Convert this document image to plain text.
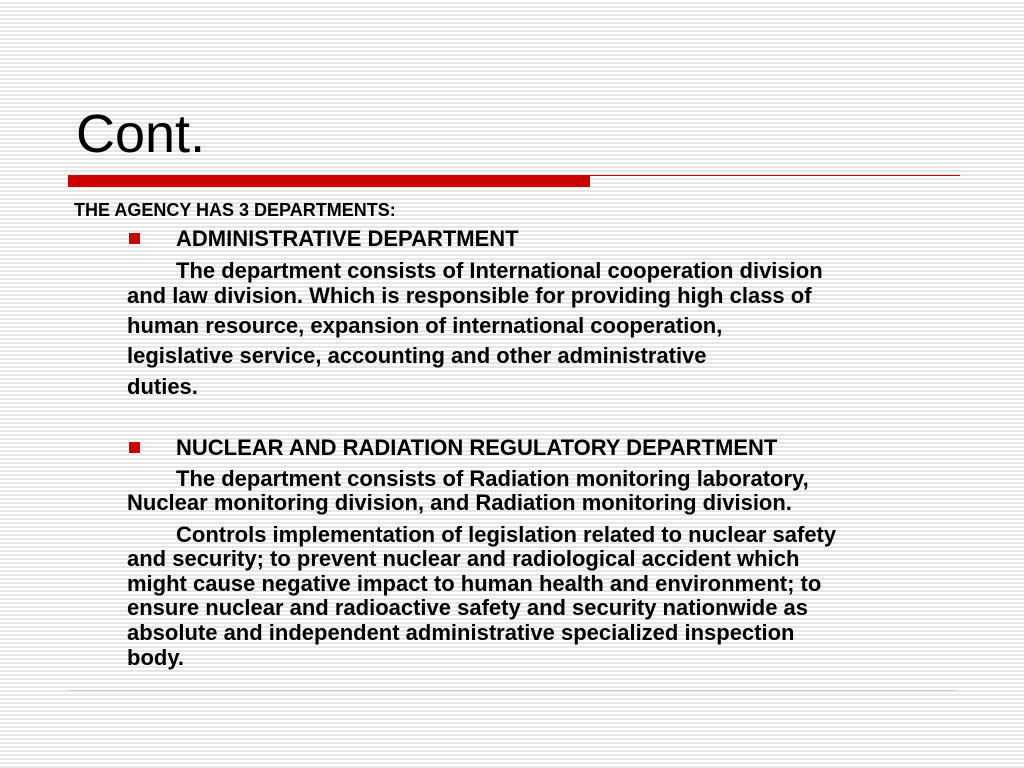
Cont.
THE AGENCY HAS 3 DEPARTMENTS:
ADMINISTRATIVE DEPARTMENT
The department consists of International cooperation division
and law division. Which is responsible for providing high class of
human resource, expansion of international cooperation,
legislative service, accounting and other administrative
duties.
NUCLEAR AND RADIATION REGULATORY DEPARTMENT
The department consists of Radiation monitoring laboratory,
Nuclear monitoring division, and Radiation monitoring division.
Controls implementation of legislation related to nuclear safety
and security; to prevent nuclear and radiological accident which
might cause negative impact to human health and environment; to
ensure nuclear and radioactive safety and security nationwide as
absolute and independent administrative specialized inspection
body.
